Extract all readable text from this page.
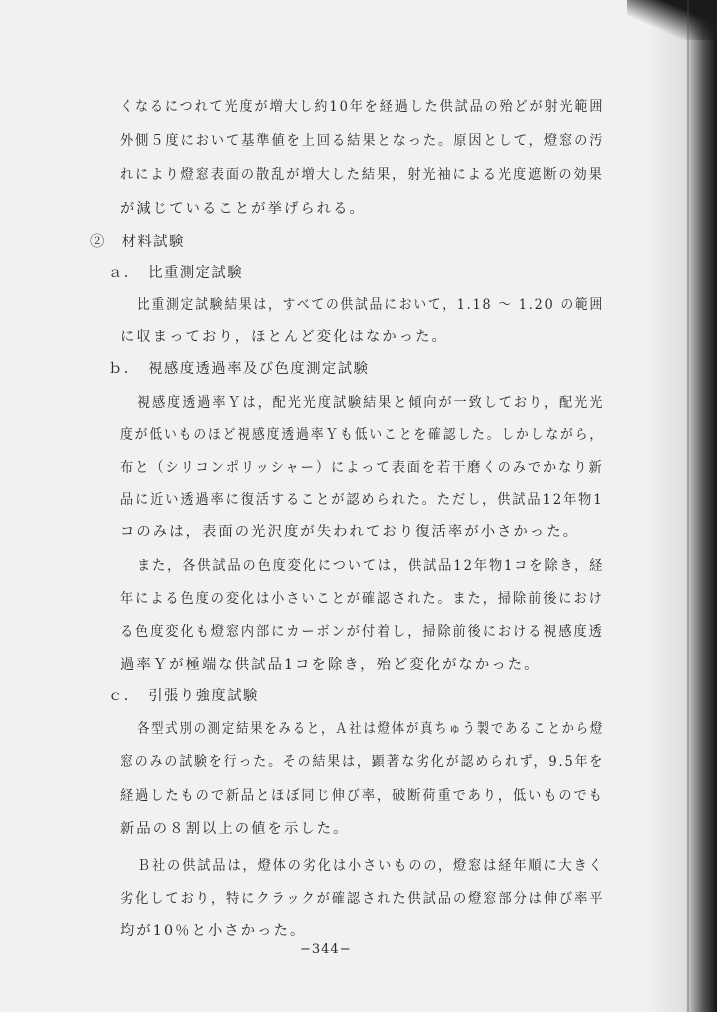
くなるにつれて光度が増大し約10年を経過した供試品の殆どが射光範囲
外側５度において基準値を上回る結果となった。原因として，燈窓の汚
れにより燈窓表面の散乱が増大した結果，射光袖による光度遮断の効果
が減じていることが挙げられる。
②　材料試験
ａ．　比重測定試験
比重測定試験結果は，すべての供試品において，1.18 ～ 1.20 の範囲
に収まっており，ほとんど変化はなかった。
ｂ．　視感度透過率及び色度測定試験
視感度透過率Ｙは，配光光度試験結果と傾向が一致しており，配光光
度が低いものほど視感度透過率Ｙも低いことを確認した。しかしながら，
布と（シリコンポリッシャー）によって表面を若干磨くのみでかなり新
品に近い透過率に復活することが認められた。ただし，供試品12年物1
コのみは，表面の光沢度が失われており復活率が小さかった。
また，各供試品の色度変化については，供試品12年物1コを除き，経
年による色度の変化は小さいことが確認された。また，掃除前後におけ
る色度変化も燈窓内部にカーボンが付着し，掃除前後における視感度透
過率Ｙが極端な供試品1コを除き，殆ど変化がなかった。
ｃ．　引張り強度試験
各型式別の測定結果をみると，Ａ社は燈体が真ちゅう製であることから燈
窓のみの試験を行った。その結果は，顕著な劣化が認められず，9.5年を
経過したもので新品とほぼ同じ伸び率，破断荷重であり，低いものでも
新品の８割以上の値を示した。
Ｂ社の供試品は，燈体の劣化は小さいものの，燈窓は経年順に大きく
劣化しており，特にクラックが確認された供試品の燈窓部分は伸び率平
均が10％と小さかった。
−344−
